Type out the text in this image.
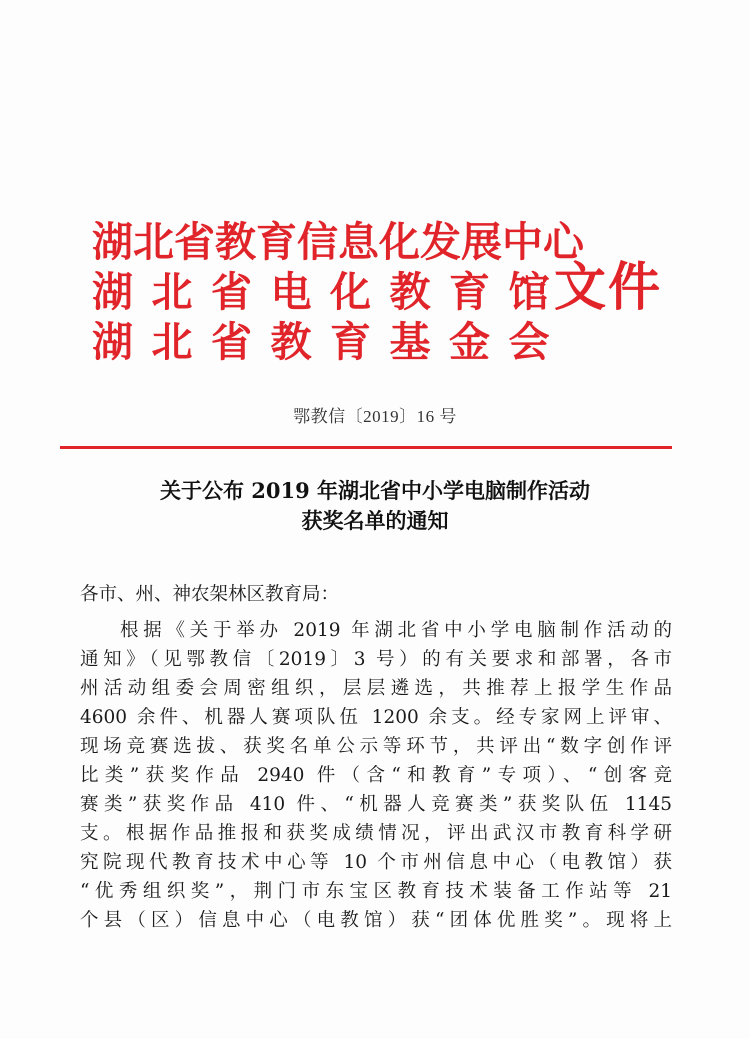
湖北省教育信息化发展中心
湖北省电化教育馆
湖北省教育基金会
文件
鄂教信〔2019〕16 号
关于公布 2019 年湖北省中小学电脑制作活动
获奖名单的通知
各市、州、神农架林区教育局：
根据《关于举办 2019 年湖北省中小学电脑制作活动的
通知》（见鄂教信〔2019〕3 号）的有关要求和部署，各市
州活动组委会周密组织，层层遴选，共推荐上报学生作品
4600 余件、机器人赛项队伍 1200 余支。经专家网上评审、
现场竞赛选拔、获奖名单公示等环节，共评出“数字创作评
比类”获奖作品 2940 件（含“和教育”专项）、“创客竞
赛类”获奖作品 410 件、“机器人竞赛类”获奖队伍 1145
支。根据作品推报和获奖成绩情况，评出武汉市教育科学研
究院现代教育技术中心等 10 个市州信息中心（电教馆）获
“优秀组织奖”，荆门市东宝区教育技术装备工作站等 21
个县（区）信息中心（电教馆）获“团体优胜奖”。现将上
